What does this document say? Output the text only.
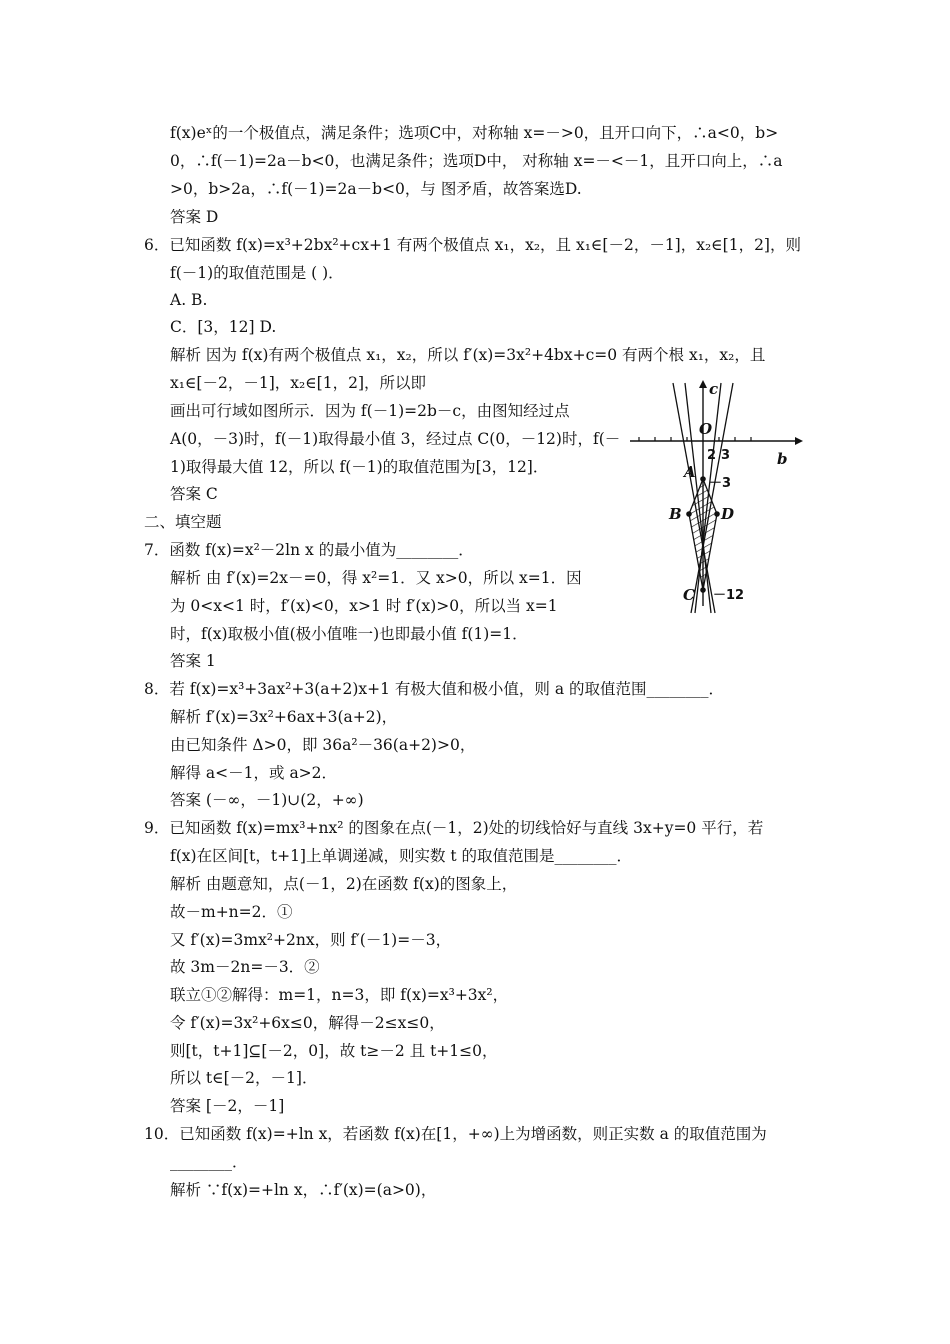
f(x)eˣ的一个极值点，满足条件；选项C中，对称轴 x=－>0，且开口向下，∴a<0，b>
0，∴f(－1)=2a－b<0，也满足条件；选项D中， 对称轴 x=－<－1，且开口向上，∴a
>0，b>2a，∴f(－1)=2a－b<0，与 图矛盾，故答案选D.
答案 D
6．已知函数 f(x)=x³+2bx²+cx+1 有两个极值点 x₁，x₂，且 x₁∈[－2，－1]，x₂∈[1，2]，则
f(－1)的取值范围是 ( )．
A. B.
C．[3，12] D.
解析 因为 f(x)有两个极值点 x₁，x₂，所以 f′(x)=3x²+4bx+c=0 有两个根 x₁，x₂，且
x₁∈[－2，－1]，x₂∈[1，2]，所以即
画出可行域如图所示．因为 f(－1)=2b－c，由图知经过点
A(0，－3)时，f(－1)取得最小值 3，经过点 C(0，－12)时，f(－
1)取得最大值 12，所以 f(－1)的取值范围为[3，12]．
答案 C
二、填空题
7．函数 f(x)=x²－2ln x 的最小值为________．
解析 由 f′(x)=2x－=0，得 x²=1．又 x>0，所以 x=1．因
为 0<x<1 时，f′(x)<0，x>1 时 f′(x)>0，所以当 x=1
时，f(x)取极小值(极小值唯一)也即最小值 f(1)=1．
答案 1
8．若 f(x)=x³+3ax²+3(a+2)x+1 有极大值和极小值，则 a 的取值范围________．
解析 f′(x)=3x²+6ax+3(a+2)，
由已知条件 Δ>0，即 36a²－36(a+2)>0，
解得 a<－1，或 a>2．
答案 (－∞，－1)∪(2，+∞)
9．已知函数 f(x)=mx³+nx² 的图象在点(－1，2)处的切线恰好与直线 3x+y=0 平行，若
f(x)在区间[t，t+1]上单调递减，则实数 t 的取值范围是________．
解析 由题意知，点(－1，2)在函数 f(x)的图象上，
故－m+n=2．①
又 f′(x)=3mx²+2nx，则 f′(－1)=－3，
故 3m－2n=－3．②
联立①②解得：m=1，n=3，即 f(x)=x³+3x²，
令 f′(x)=3x²+6x≤0，解得－2≤x≤0，
则[t，t+1]⊆[－2，0]，故 t≥－2 且 t+1≤0，
所以 t∈[－2，－1]．
答案 [－2，－1]
10．已知函数 f(x)=+ln x，若函数 f(x)在[1，+∞)上为增函数，则正实数 a 的取值范围为
________．
解析 ∵f(x)=+ln x，∴f′(x)=(a>0)，
c
b
O
A
B	D
C
2 3
－3
－12
